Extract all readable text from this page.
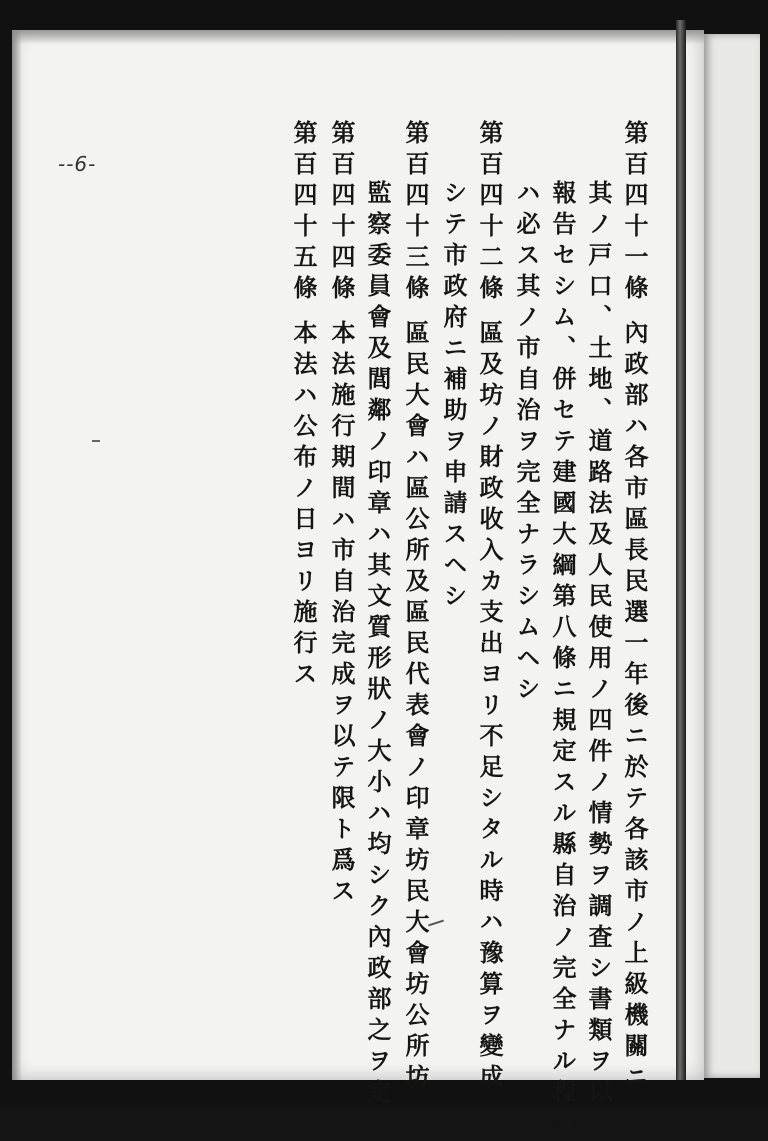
--6-	第百四十一條內政部ハ各市區長民選一年後ニ於テ各該市ノ上級機關ニ
其ノ戸口、土地、道路法及人民使用ノ四件ノ情勢ヲ調査シ書類ヲ以テ
報告セシム、併セテ建國大綱第八條ニ規定スル縣自治ノ完全ナル程度
ハ必ス其ノ市自治ヲ完全ナラシムヘシ
第百四十二條區及坊ノ財政收入カ支出ヨリ不足シタル時ハ豫算ヲ變成
シテ市政府ニ補助ヲ申請スヘシ
第百四十三條區民大會ハ區公所及區民代表會ノ印章坊民大會坊公所坊
監察委員會及閭鄰ノ印章ハ其文質形狀ノ大小ハ均シク內政部之ヲ定ム
第百四十四條本法施行期間ハ市自治完成ヲ以テ限ト爲ス
第百四十五條本法ハ公布ノ日ヨリ施行ス
